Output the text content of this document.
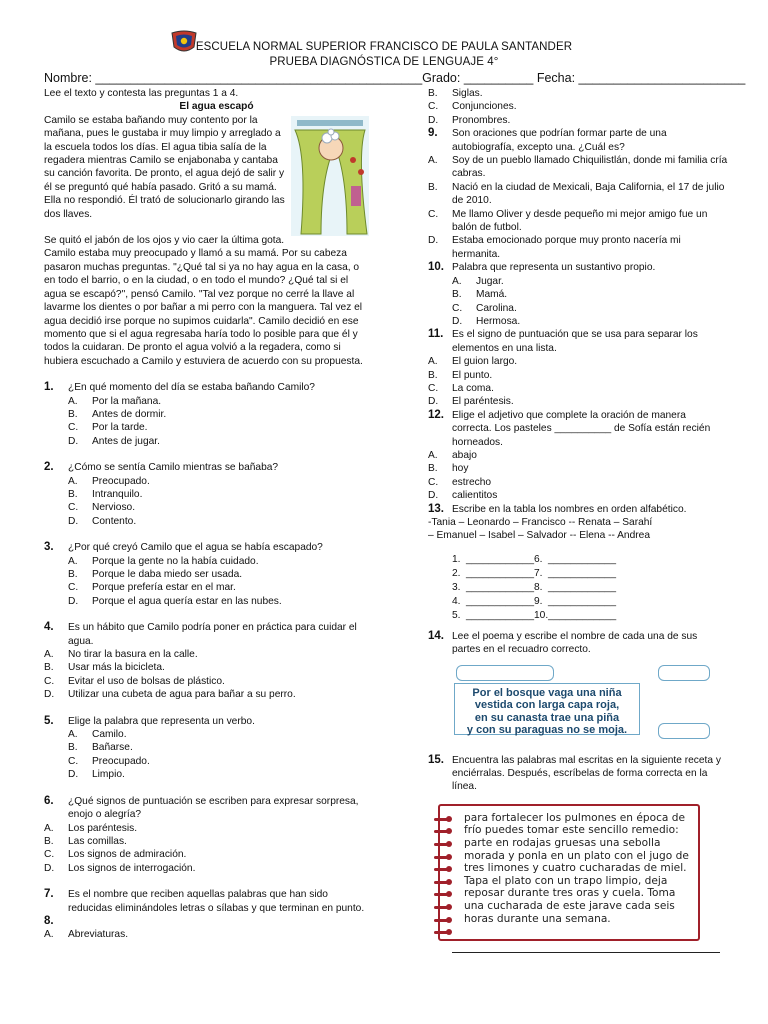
ESCUELA NORMAL SUPERIOR FRANCISCO DE PAULA SANTANDER
PRUEBA DIAGNÓSTICA DE LENGUAJE 4°
Nombre: _______________________________________________Grado: __________ Fecha: ________________________

Lee el texto y contesta las preguntas 1 a 4.

El agua escapó

Camilo se estaba bañando muy contento por la mañana, pues le gustaba ir muy limpio y arreglado a la escuela todos los días. El agua tibia salía de la regadera mientras Camilo se enjabonaba y cantaba su canción favorita. De pronto, el agua dejó de salir y él se preguntó qué había pasado. Gritó a su mamá. Ella no respondió. Él trató de solucionarlo girando las dos llaves.

Se quitó el jabón de los ojos y vio caer la última gota. Camilo estaba muy preocupado y llamó a su mamá. Por su cabeza pasaron muchas preguntas. "¿Qué tal si ya no hay agua en la casa, o en todo el barrio, o en la ciudad, o en todo el mundo? ¿Qué tal si el agua se escapó?", pensó Camilo. "Tal vez porque no cerré la llave al lavarme los dientes o por bañar a mi perro con la manguera. Tal vez el agua decidió irse porque no supimos cuidarla". Camilo decidió en ese momento que si el agua regresaba haría todo lo posible para que él y todos la cuidaran. De pronto el agua volvió a la regadera, como si hubiera escuchado a Camilo y estuviera de acuerdo con su propuesta.

1.	¿En qué momento del día se estaba bañando Camilo?
A.	Por la mañana.
B.	Antes de dormir.
C.	Por la tarde.
D.	Antes de jugar.
2.	¿Cómo se sentía Camilo mientras se bañaba?
A.	Preocupado.
B.	Intranquilo.
C.	Nervioso.
D.	Contento.
3.	¿Por qué creyó Camilo que el agua se había escapado?
A.	Porque la gente no la había cuidado.
B.	Porque le daba miedo ser usada.
C.	Porque prefería estar en el mar.
D.	Porque el agua quería estar en las nubes.
4.	Es un hábito que Camilo podría poner en práctica para cuidar el agua.
A.	No tirar la basura en la calle.
B.	Usar más la bicicleta.
C.	Evitar el uso de bolsas de plástico.
D.	Utilizar una cubeta de agua para bañar a su perro.
5.	Elige la palabra que representa un verbo.
A.	Camilo.
B.	Bañarse.
C.	Preocupado.
D.	Limpio.
6.	¿Qué signos de puntuación se escriben para expresar sorpresa, enojo o alegría?
A.	Los paréntesis.
B.	Las comillas.
C.	Los signos de admiración.
D.	Los signos de interrogación.
7.	Es el nombre que reciben aquellas palabras que han sido reducidas eliminándoles letras o sílabas y que terminan en punto.
8.
A.	Abreviaturas.
B.	Siglas.
C.	Conjunciones.
D.	Pronombres.
9.	Son oraciones que podrían formar parte de una autobiografía, excepto una. ¿Cuál es?
A.	Soy de un pueblo llamado Chiquilistlán, donde mi familia cría cabras.
B.	Nació en la ciudad de Mexicali, Baja California, el 17 de julio de 2010.
C.	Me llamo Oliver y desde pequeño mi mejor amigo fue un balón de futbol.
D.	Estaba emocionado porque muy pronto nacería mi hermanita.
10. Palabra que representa un sustantivo propio.
A.	Jugar.
B.	Mamá.
C.	Carolina.
D.	Hermosa.
11. Es el signo de puntuación que se usa para separar los elementos en una lista.
A.	El guion largo.
B.	El punto.
C.	La coma.
D.	El paréntesis.
12. Elige el adjetivo que complete la oración de manera correcta. Los pasteles __________ de Sofía están recién horneados.
A.	abajo
B.	hoy
C.	estrecho
D.	calientitos
13. Escribe en la tabla los nombres en orden alfabético.

-Tania – Leonardo – Francisco -- Renata – Sarahí

– Emanuel – Isabel – Salvador -- Elena -- Andrea

1. ____________ 6. ____________
2. ____________ 7. ____________
3. ____________ 8. ____________
4. ____________ 9. ____________
5. ____________ 10. ____________
14. Lee el poema y escribe el nombre de cada una de sus partes en el recuadro correcto.
Por el bosque vaga una niña
vestida con larga capa roja,
en su canasta trae una piña
y con su paraguas no se moja.
15. Encuentra las palabras mal escritas en la siguiente receta y enciérralas. Después, escríbelas de forma correcta en la línea.
para fortalecer los pulmones en época de frío puedes tomar este sencillo remedio: parte en rodajas gruesas una sebolla morada y ponla en un plato con el jugo de tres limones y cuatro cucharadas de miel. Tapa el plato con un trapo limpio, deja reposar durante tres oras y cuela. Toma una cucharada de este jarave cada seis horas durante una semana.
